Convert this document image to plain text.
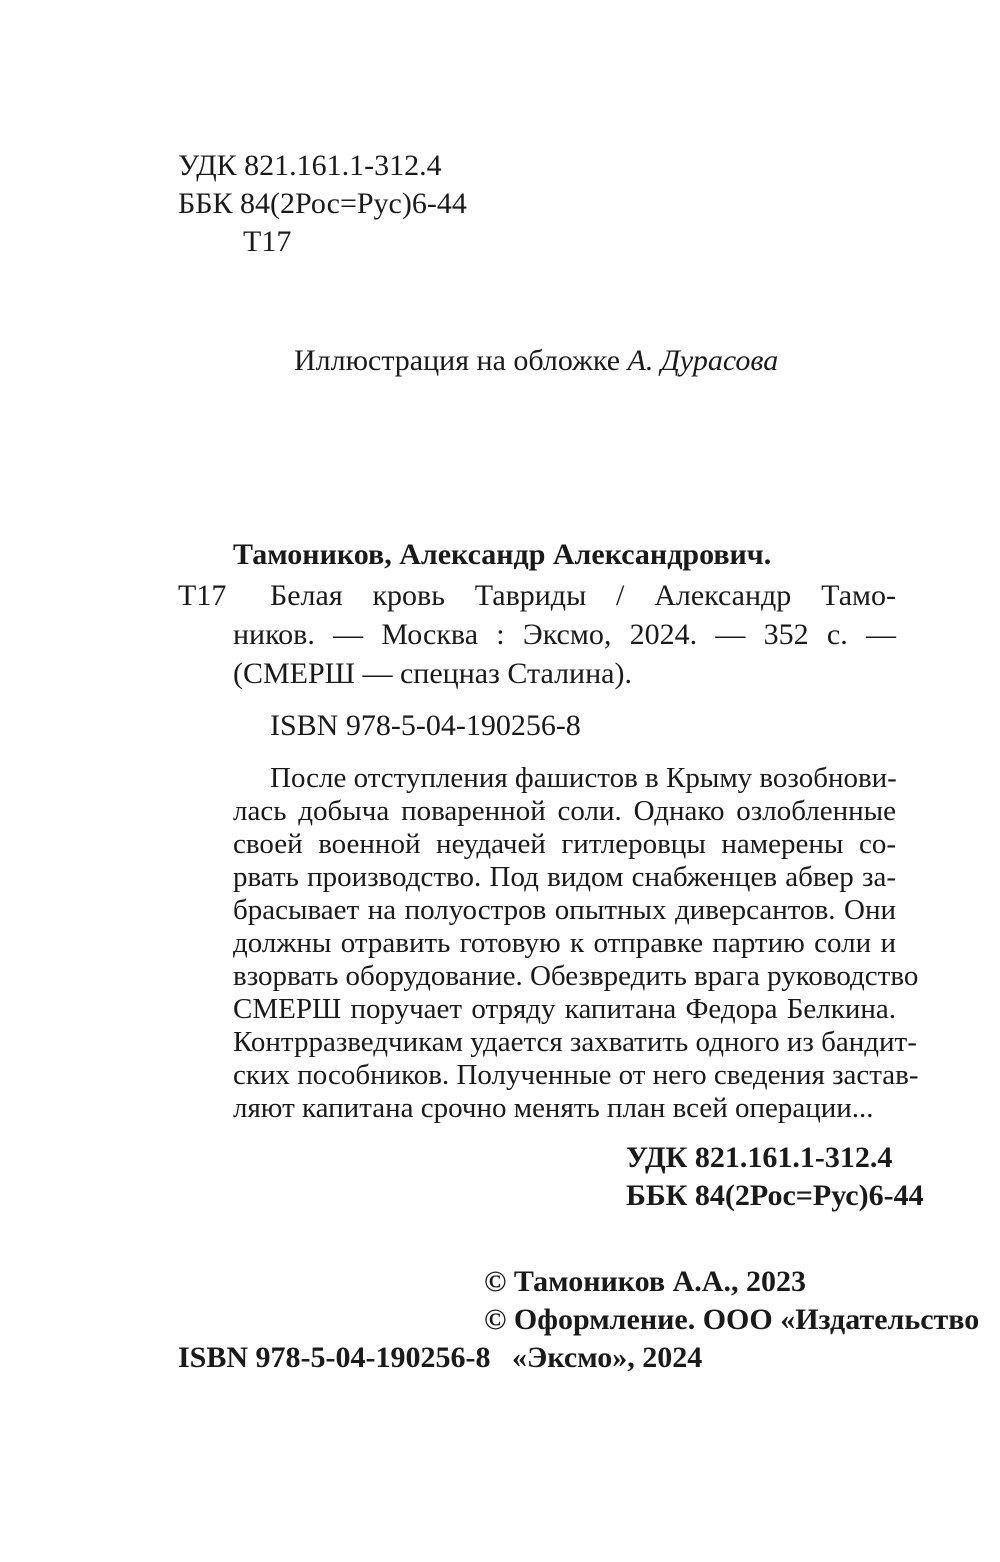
УДК 821.161.1-312.4
ББК 84(2Рос=Рус)6-44
Т17
Иллюстрация на обложке А. Дурасова
Тамоников, Александр Александрович.
Т17 Белая кровь Тавриды / Александр Тамо-
ников. — Москва : Эксмо, 2024. — 352 с. —
(СМЕРШ — спецназ Сталина).
ISBN 978-5-04-190256-8
После отступления фашистов в Крыму возобнови-
лась добыча поваренной соли. Однако озлобленные
своей военной неудачей гитлеровцы намерены со-
рвать производство. Под видом снабженцев абвер за-
брасывает на полуостров опытных диверсантов. Они
должны отравить готовую к отправке партию соли и
взорвать оборудование. Обезвредить врага руководство
СМЕРШ поручает отряду капитана Федора Белкина.
Контрразведчикам удается захватить одного из бандит-
ских пособников. Полученные от него сведения застав-
ляют капитана срочно менять план всей операции...
УДК 821.161.1-312.4
ББК 84(2Рос=Рус)6-44
© Тамоников А.А., 2023
© Оформление. ООО «Издательство
«Эксмо», 2024
ISBN 978-5-04-190256-8
